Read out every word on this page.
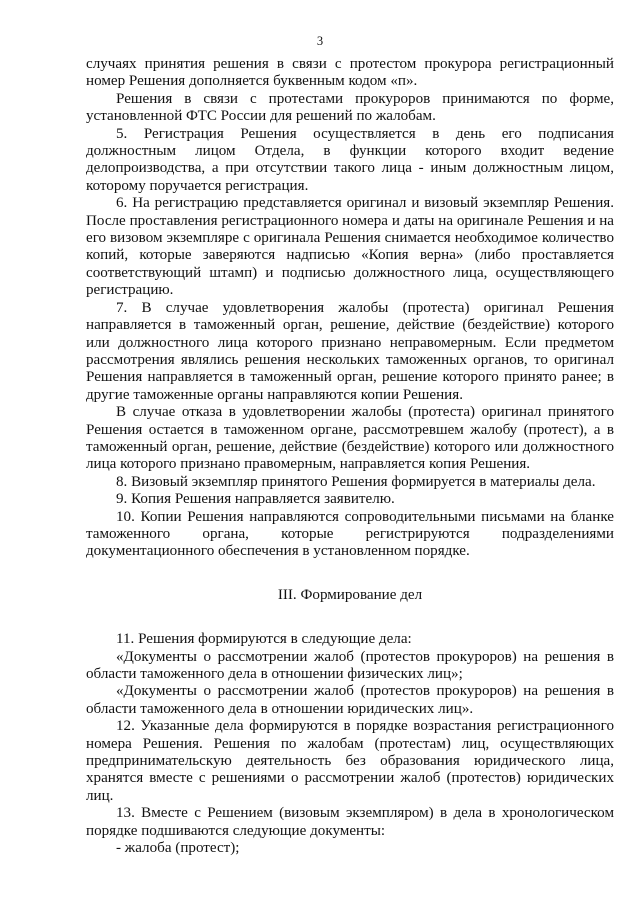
3

случаях принятия решения в связи с протестом прокурора регистрационный номер Решения дополняется буквенным кодом «п».

Решения в связи с протестами прокуроров принимаются по форме, установленной ФТС России для решений по жалобам.

5. Регистрация Решения осуществляется в день его подписания должностным лицом Отдела, в функции которого входит ведение делопроизводства, а при отсутствии такого лица - иным должностным лицом, которому поручается регистрация.

6. На регистрацию представляется оригинал и визовый экземпляр Решения. После проставления регистрационного номера и даты на оригинале Решения и на его визовом экземпляре с оригинала Решения снимается необходимое количество копий, которые заверяются надписью «Копия верна» (либо проставляется соответствующий штамп) и подписью должностного лица, осуществляющего регистрацию.

7. В случае удовлетворения жалобы (протеста) оригинал Решения направляется в таможенный орган, решение, действие (бездействие) которого или должностного лица которого признано неправомерным. Если предметом рассмотрения являлись решения нескольких таможенных органов, то оригинал Решения направляется в таможенный орган, решение которого принято ранее; в другие таможенные органы направляются копии Решения.

В случае отказа в удовлетворении жалобы (протеста) оригинал принятого Решения остается в таможенном органе, рассмотревшем жалобу (протест), а в таможенный орган, решение, действие (бездействие) которого или должностного лица которого признано правомерным, направляется копия Решения.

8. Визовый экземпляр принятого Решения формируется в материалы дела.

9. Копия Решения направляется заявителю.

10. Копии Решения направляются сопроводительными письмами на бланке таможенного органа, которые регистрируются подразделениями документационного обеспечения в установленном порядке.

III. Формирование дел

11. Решения формируются в следующие дела:

«Документы о рассмотрении жалоб (протестов прокуроров) на решения в области таможенного дела в отношении физических лиц»;

«Документы о рассмотрении жалоб (протестов прокуроров) на решения в области таможенного дела в отношении юридических лиц».

12. Указанные дела формируются в порядке возрастания регистрационного номера Решения. Решения по жалобам (протестам) лиц, осуществляющих предпринимательскую деятельность без образования юридического лица, хранятся вместе с решениями о рассмотрении жалоб (протестов) юридических лиц.

13. Вместе с Решением (визовым экземпляром) в дела в хронологическом порядке подшиваются следующие документы:

- жалоба (протест);
